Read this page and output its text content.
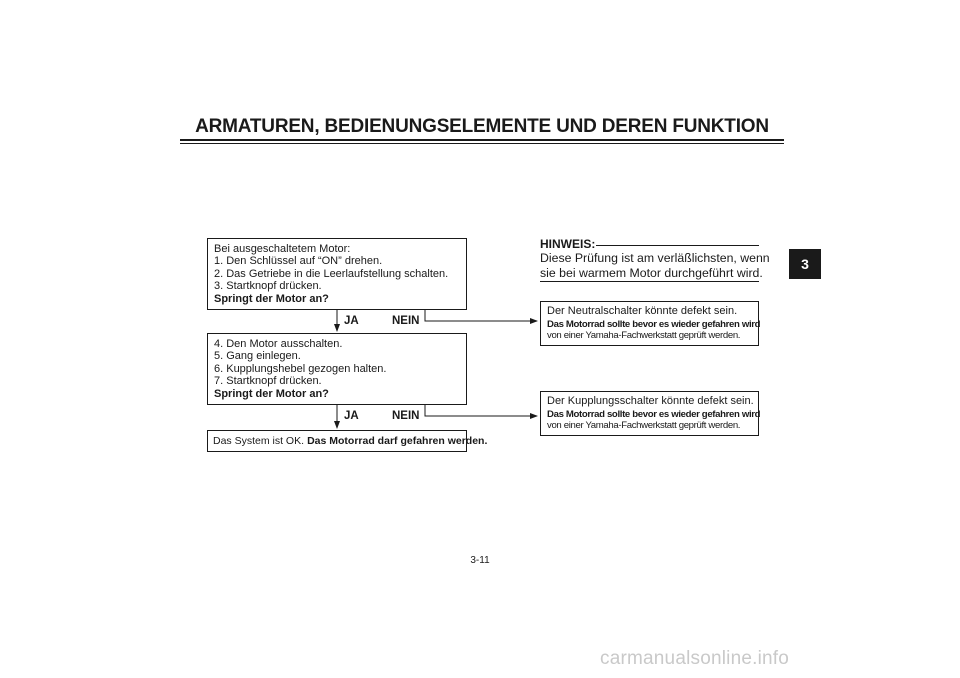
ARMATUREN, BEDIENUNGSELEMENTE UND DEREN FUNKTION
3
Bei ausgeschaltetem Motor:
1. Den Schlüssel auf “ON” drehen.
2. Das Getriebe in die Leerlaufstellung schalten.
3. Startknopf drücken.
Springt der Motor an?
JA	NEIN
4. Den Motor ausschalten.
5. Gang einlegen.
6. Kupplungshebel gezogen halten.
7. Startknopf drücken.
Springt der Motor an?
JA	NEIN
Das System ist OK. Das Motorrad darf gefahren werden.
Der Neutralschalter könnte defekt sein.
Das Motorrad sollte bevor es wieder gefahren wird
von einer Yamaha-Fachwerkstatt geprüft werden.
Der Kupplungsschalter könnte defekt sein.
Das Motorrad sollte bevor es wieder gefahren wird
von einer Yamaha-Fachwerkstatt geprüft werden.
HINWEIS:
Diese Prüfung ist am verläßlichsten, wenn
sie bei warmem Motor durchgeführt wird.
3-11
carmanualsonline.info
